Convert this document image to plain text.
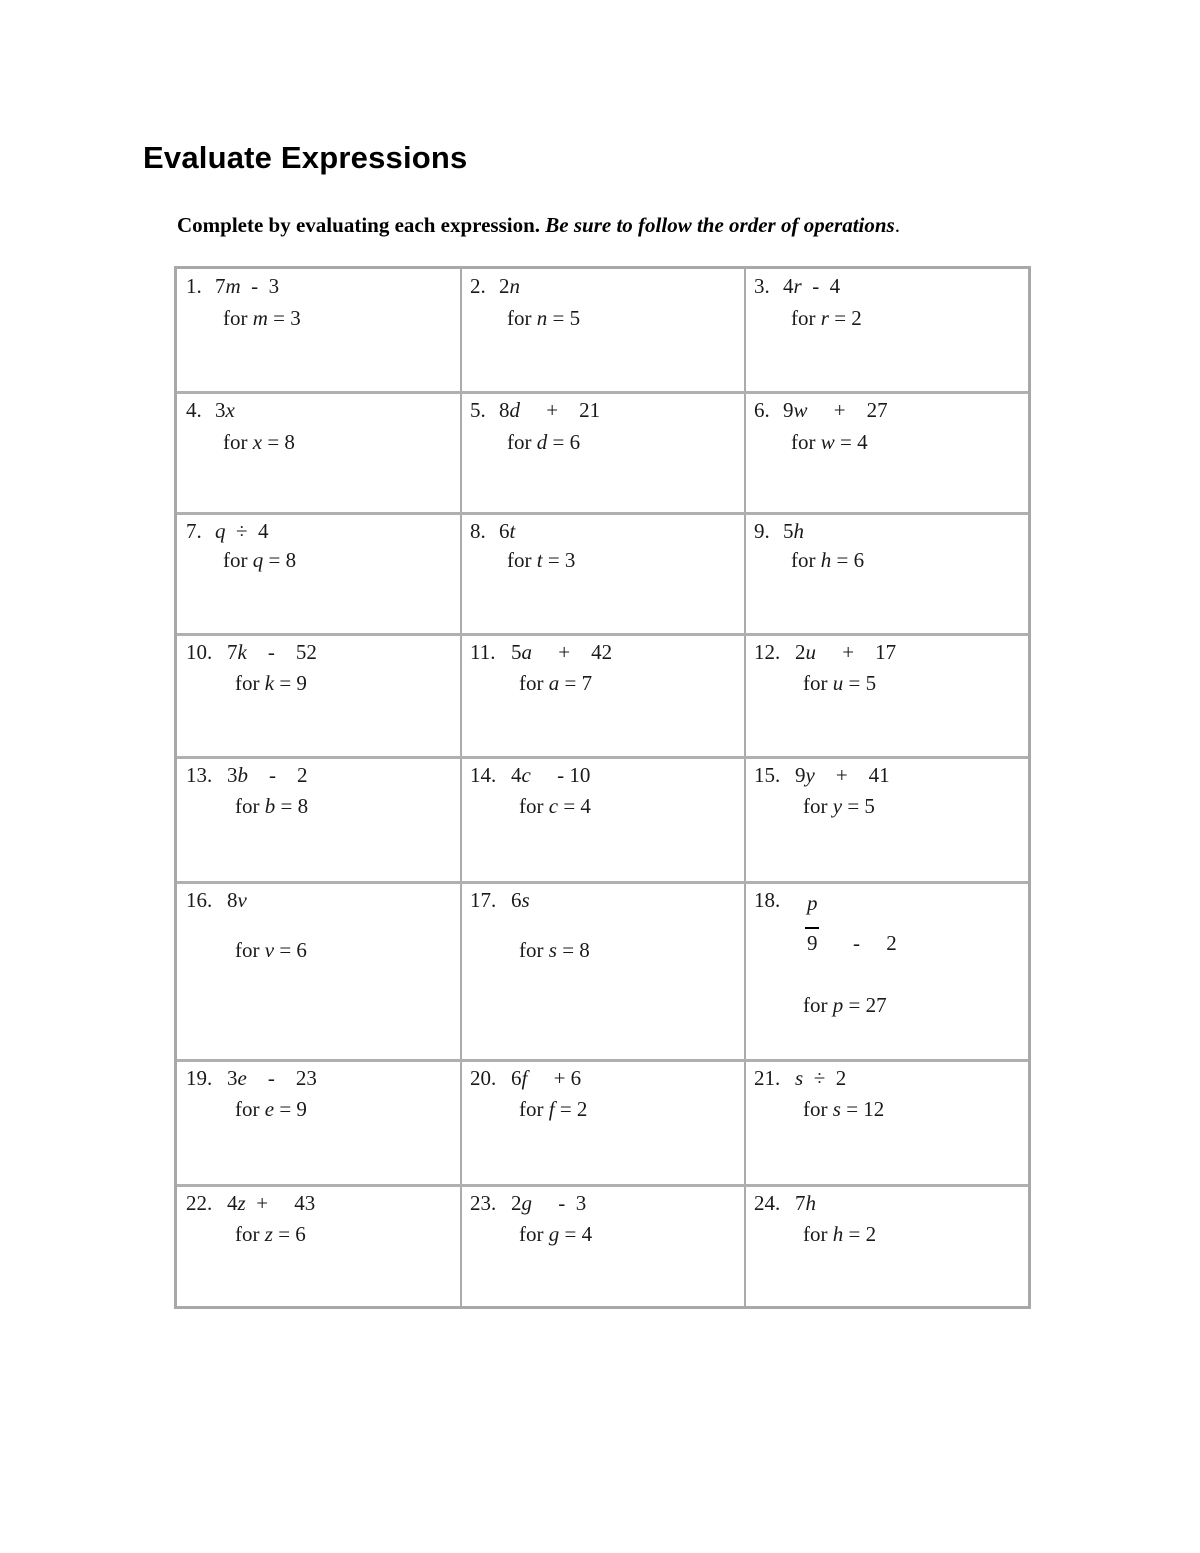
Evaluate Expressions
Complete by evaluating each expression. Be sure to follow the order of operations.
1. 7m  -  3
for m = 3
2. 2n
for n = 5
3. 4r  -  4
for r = 2
4. 3x
for x = 8
5. 8d     +    21
for d = 6
6. 9w     +    27
for w = 4
7. q  ÷  4
for q = 8
8. 6t
for t = 3
9. 5h
for h = 6
10. 7k    -    52
for k = 9
11. 5a     +    42
for a = 7
12. 2u     +    17
for u = 5
13. 3b    -    2
for b = 8
14. 4c     - 10
for c = 4
15. 9y    +    41
for y = 5
16. 8v
for v = 6
17. 6s
for s = 8
18. p
9 -     2
for p = 27
19. 3e    -    23
for e = 9
20. 6f     + 6
for f = 2
21. s  ÷  2
for s = 12
22. 4z  +     43
for z = 6
23. 2g     -  3
for g = 4
24. 7h
for h = 2
